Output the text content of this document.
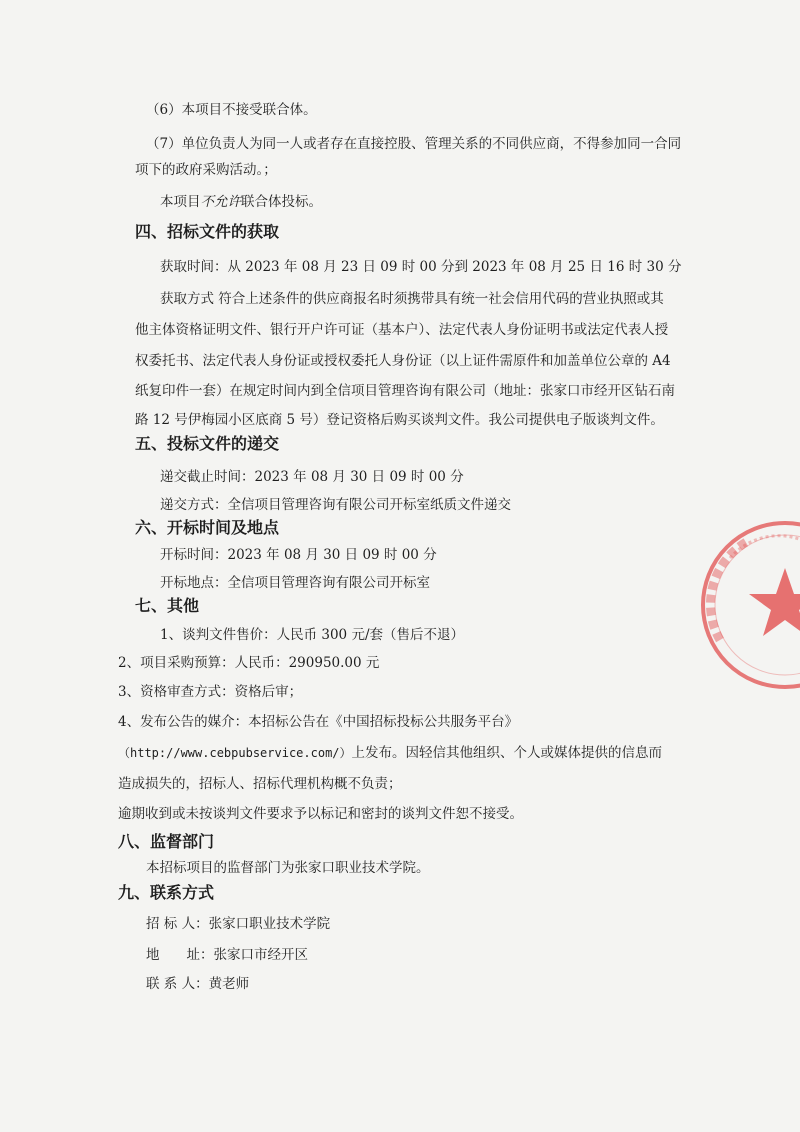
（6）本项目不接受联合体。
（7）单位负责人为同一人或者存在直接控股、管理关系的不同供应商，不得参加同一合同
项下的政府采购活动。；
本项目不允许联合体投标。
四、招标文件的获取
获取时间：从 2023 年 08 月 23 日 09 时 00 分到 2023 年 08 月 25 日 16 时 30 分
获取方式 符合上述条件的供应商报名时须携带具有统一社会信用代码的营业执照或其
他主体资格证明文件、银行开户许可证（基本户）、法定代表人身份证明书或法定代表人授
权委托书、法定代表人身份证或授权委托人身份证（以上证件需原件和加盖单位公章的 A4
纸复印件一套）在规定时间内到全信项目管理咨询有限公司（地址：张家口市经开区钻石南
路 12 号伊梅园小区底商 5 号）登记资格后购买谈判文件。我公司提供电子版谈判文件。
五、投标文件的递交
递交截止时间：2023 年 08 月 30 日 09 时 00 分
递交方式：全信项目管理咨询有限公司开标室纸质文件递交
六、开标时间及地点
开标时间：2023 年 08 月 30 日 09 时 00 分
开标地点：全信项目管理咨询有限公司开标室
七、其他
1、谈判文件售价：人民币 300 元/套（售后不退）
2、项目采购预算：人民币：290950.00 元
3、资格审查方式：资格后审；
4、发布公告的媒介：本招标公告在《中国招标投标公共服务平台》
（http://www.cebpubservice.com/）上发布。因轻信其他组织、个人或媒体提供的信息而
造成损失的，招标人、招标代理机构概不负责；
逾期收到或未按谈判文件要求予以标记和密封的谈判文件恕不接受。
八、监督部门
本招标项目的监督部门为张家口职业技术学院。
九、联系方式
招 标 人：张家口职业技术学院
地　　址：张家口市经开区
联 系 人：黄老师
